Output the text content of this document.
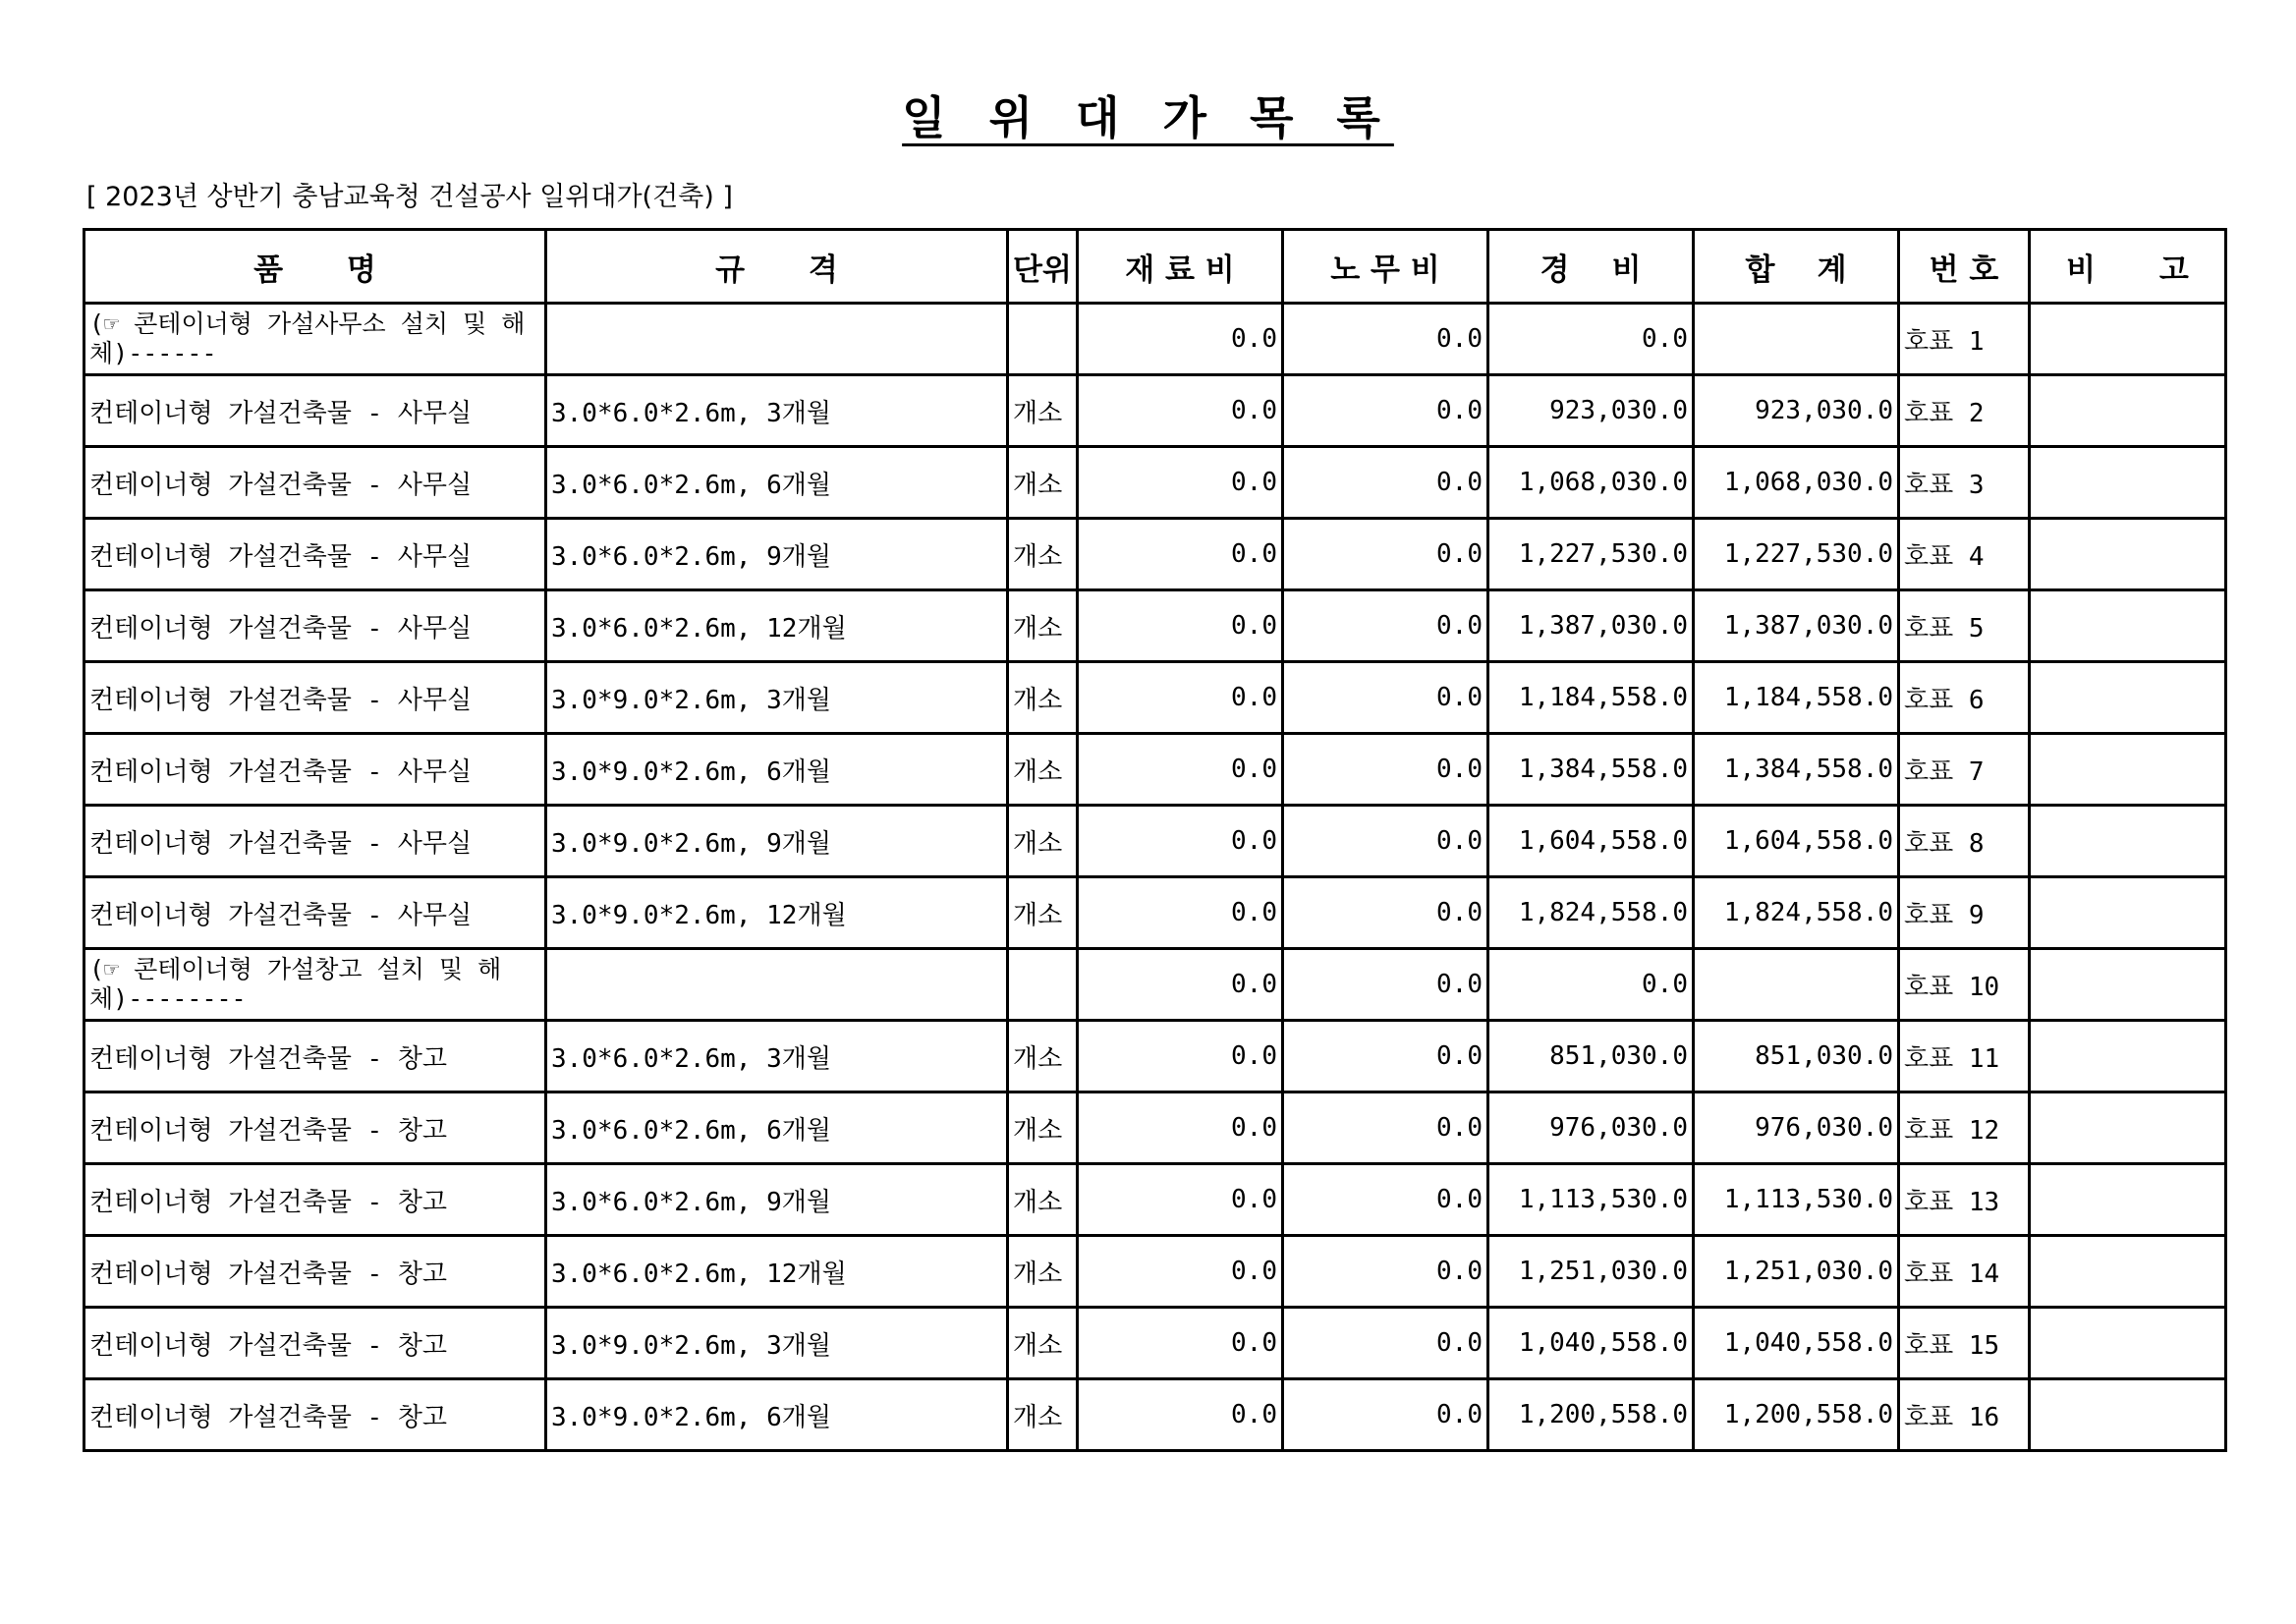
일 위 대 가 목 록
[ 2023년 상반기 충남교육청 건설공사 일위대가(건축) ]
품      명	규      격	단위	재 료 비	노 무 비	경    비	합    계	번 호	비      고
(☞ 콘테이너형 가설사무소 설치 및 해체)------			0.0	0.0	0.0		호표 1	
컨테이너형 가설건축물 - 사무실	3.0*6.0*2.6m, 3개월	개소	0.0	0.0	923,030.0	923,030.0	호표 2	
컨테이너형 가설건축물 - 사무실	3.0*6.0*2.6m, 6개월	개소	0.0	0.0	1,068,030.0	1,068,030.0	호표 3	
컨테이너형 가설건축물 - 사무실	3.0*6.0*2.6m, 9개월	개소	0.0	0.0	1,227,530.0	1,227,530.0	호표 4	
컨테이너형 가설건축물 - 사무실	3.0*6.0*2.6m, 12개월	개소	0.0	0.0	1,387,030.0	1,387,030.0	호표 5	
컨테이너형 가설건축물 - 사무실	3.0*9.0*2.6m, 3개월	개소	0.0	0.0	1,184,558.0	1,184,558.0	호표 6	
컨테이너형 가설건축물 - 사무실	3.0*9.0*2.6m, 6개월	개소	0.0	0.0	1,384,558.0	1,384,558.0	호표 7	
컨테이너형 가설건축물 - 사무실	3.0*9.0*2.6m, 9개월	개소	0.0	0.0	1,604,558.0	1,604,558.0	호표 8	
컨테이너형 가설건축물 - 사무실	3.0*9.0*2.6m, 12개월	개소	0.0	0.0	1,824,558.0	1,824,558.0	호표 9	
(☞ 콘테이너형 가설창고 설치 및 해체)--------			0.0	0.0	0.0		호표 10	
컨테이너형 가설건축물 - 창고	3.0*6.0*2.6m, 3개월	개소	0.0	0.0	851,030.0	851,030.0	호표 11	
컨테이너형 가설건축물 - 창고	3.0*6.0*2.6m, 6개월	개소	0.0	0.0	976,030.0	976,030.0	호표 12	
컨테이너형 가설건축물 - 창고	3.0*6.0*2.6m, 9개월	개소	0.0	0.0	1,113,530.0	1,113,530.0	호표 13	
컨테이너형 가설건축물 - 창고	3.0*6.0*2.6m, 12개월	개소	0.0	0.0	1,251,030.0	1,251,030.0	호표 14	
컨테이너형 가설건축물 - 창고	3.0*9.0*2.6m, 3개월	개소	0.0	0.0	1,040,558.0	1,040,558.0	호표 15	
컨테이너형 가설건축물 - 창고	3.0*9.0*2.6m, 6개월	개소	0.0	0.0	1,200,558.0	1,200,558.0	호표 16	
